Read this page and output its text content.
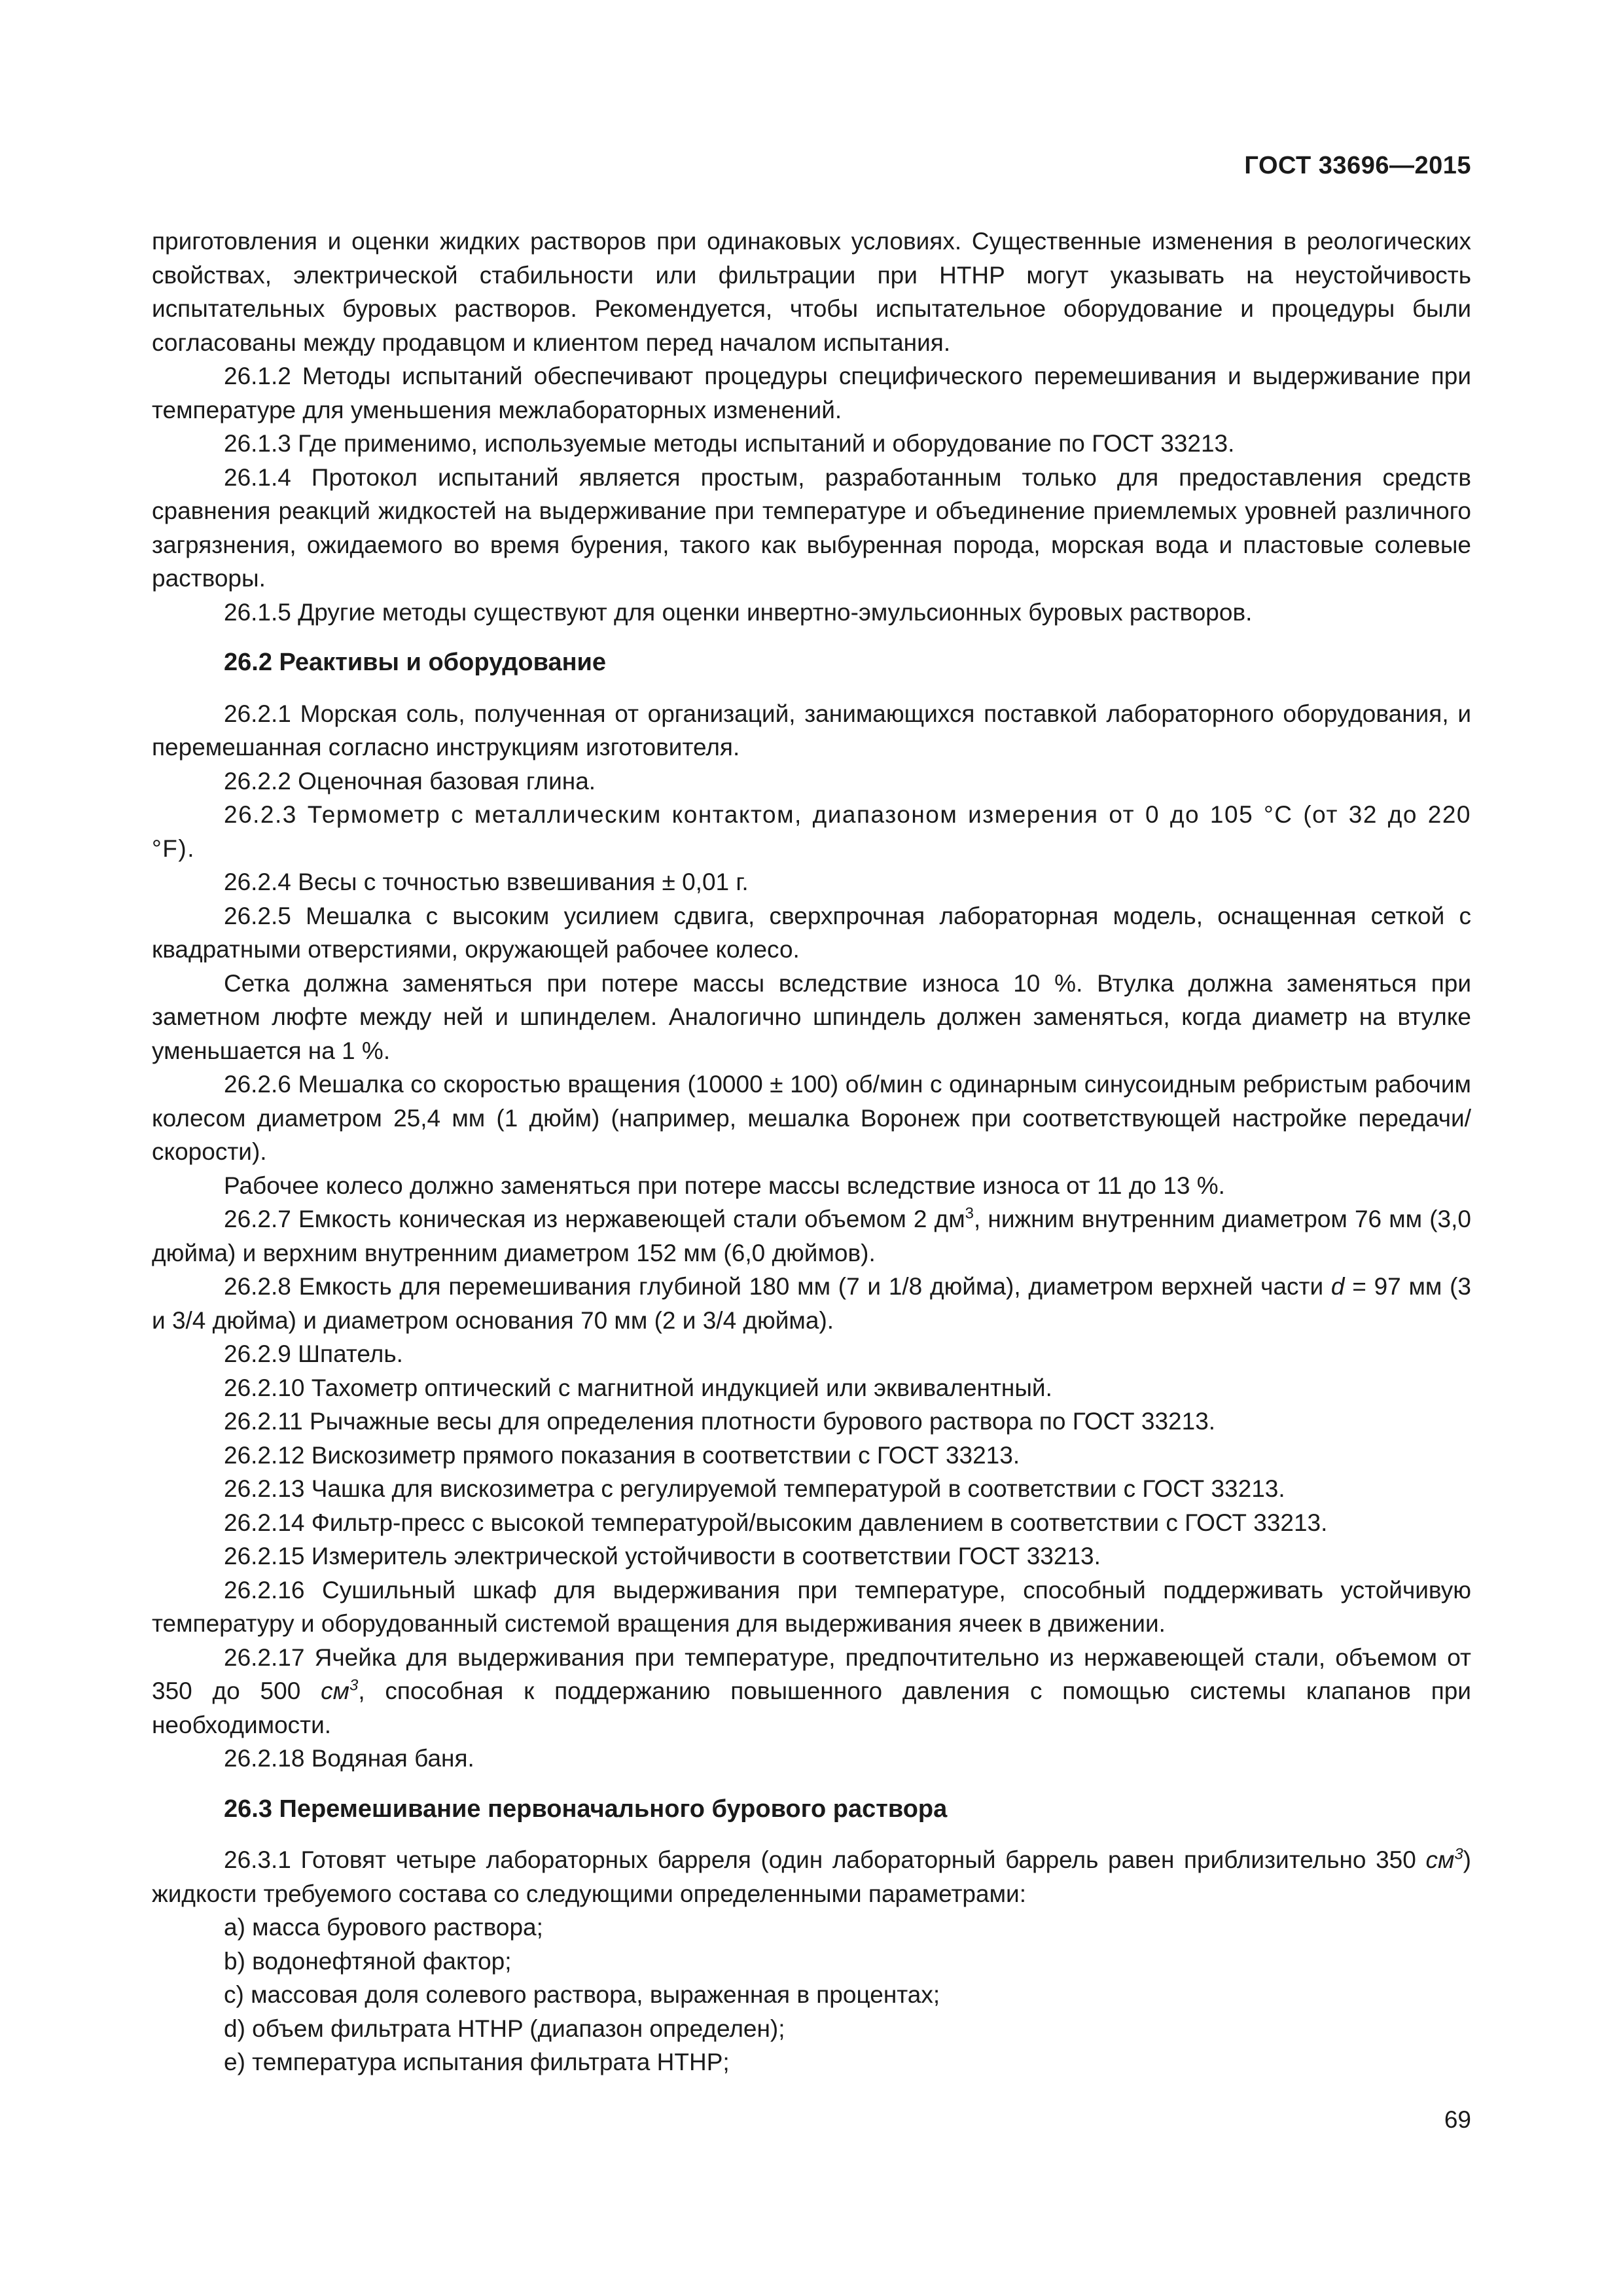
ГОСТ 33696—2015

приготовления и оценки жидких растворов при одинаковых условиях. Существенные изменения в реологических свойствах, электрической стабильности или фильтрации при HTHP могут указывать на неустойчивость испытательных буровых растворов. Рекомендуется, чтобы испытательное оборудование и процедуры были согласованы между продавцом и клиентом перед началом испытания.

26.1.2 Методы испытаний обеспечивают процедуры специфического перемешивания и выдерживание при температуре для уменьшения межлабораторных изменений.

26.1.3 Где применимо, используемые методы испытаний и оборудование по ГОСТ 33213.

26.1.4 Протокол испытаний является простым, разработанным только для предоставления средств сравнения реакций жидкостей на выдерживание при температуре и объединение приемлемых уровней различного загрязнения, ожидаемого во время бурения, такого как выбуренная порода, морская вода и пластовые солевые растворы.

26.1.5 Другие методы существуют для оценки инвертно-эмульсионных буровых растворов.

26.2 Реактивы и оборудование

26.2.1 Морская соль, полученная от организаций, занимающихся поставкой лабораторного оборудования, и перемешанная согласно инструкциям изготовителя.

26.2.2 Оценочная базовая глина.

26.2.3 Термометр с металлическим контактом, диапазоном измерения от 0 до 105 °С (от 32 до 220 °F).

26.2.4 Весы с точностью взвешивания ± 0,01 г.

26.2.5 Мешалка с высоким усилием сдвига, сверхпрочная лабораторная модель, оснащенная сеткой с квадратными отверстиями, окружающей рабочее колесо.

Сетка должна заменяться при потере массы вследствие износа 10 %. Втулка должна заменяться при заметном люфте между ней и шпинделем. Аналогично шпиндель должен заменяться, когда диаметр на втулке уменьшается на 1 %.

26.2.6 Мешалка со скоростью вращения (10000 ± 100) об/мин с одинарным синусоидным ребристым рабочим колесом диаметром 25,4 мм (1 дюйм) (например, мешалка Воронеж при соответствующей настройке передачи/скорости).

Рабочее колесо должно заменяться при потере массы вследствие износа от 11 до 13 %.

26.2.7 Емкость коническая из нержавеющей стали объемом 2 $дм^3$, нижним внутренним диаметром 76 мм (3,0 дюйма) и верхним внутренним диаметром 152 мм (6,0 дюймов).

26.2.8 Емкость для перемешивания глубиной 180 мм (7 и 1/8 дюйма), диаметром верхней части d = 97 мм (3 и 3/4 дюйма) и диаметром основания 70 мм (2 и 3/4 дюйма).

26.2.9 Шпатель.

26.2.10 Тахометр оптический с магнитной индукцией или эквивалентный.

26.2.11 Рычажные весы для определения плотности бурового раствора по ГОСТ 33213.

26.2.12 Вискозиметр прямого показания в соответствии с ГОСТ 33213.

26.2.13 Чашка для вискозиметра с регулируемой температурой в соответствии с ГОСТ 33213.

26.2.14 Фильтр-пресс с высокой температурой/высоким давлением в соответствии с ГОСТ 33213.

26.2.15 Измеритель электрической устойчивости в соответствии ГОСТ 33213.

26.2.16 Сушильный шкаф для выдерживания при температуре, способный поддерживать устойчивую температуру и оборудованный системой вращения для выдерживания ячеек в движении.

26.2.17 Ячейка для выдерживания при температуре, предпочтительно из нержавеющей стали, объемом от 350 до 500 $см^3$, способная к поддержанию повышенного давления с помощью системы клапанов при необходимости.

26.2.18 Водяная баня.

26.3 Перемешивание первоначального бурового раствора

26.3.1 Готовят четыре лабораторных барреля (один лабораторный баррель равен приблизительно 350 $см^3$) жидкости требуемого состава со следующими определенными параметрами:

a) масса бурового раствора;

b) водонефтяной фактор;

c) массовая доля солевого раствора, выраженная в процентах;

d) объем фильтрата HTHP (диапазон определен);

e) температура испытания фильтрата HTHP;

69
